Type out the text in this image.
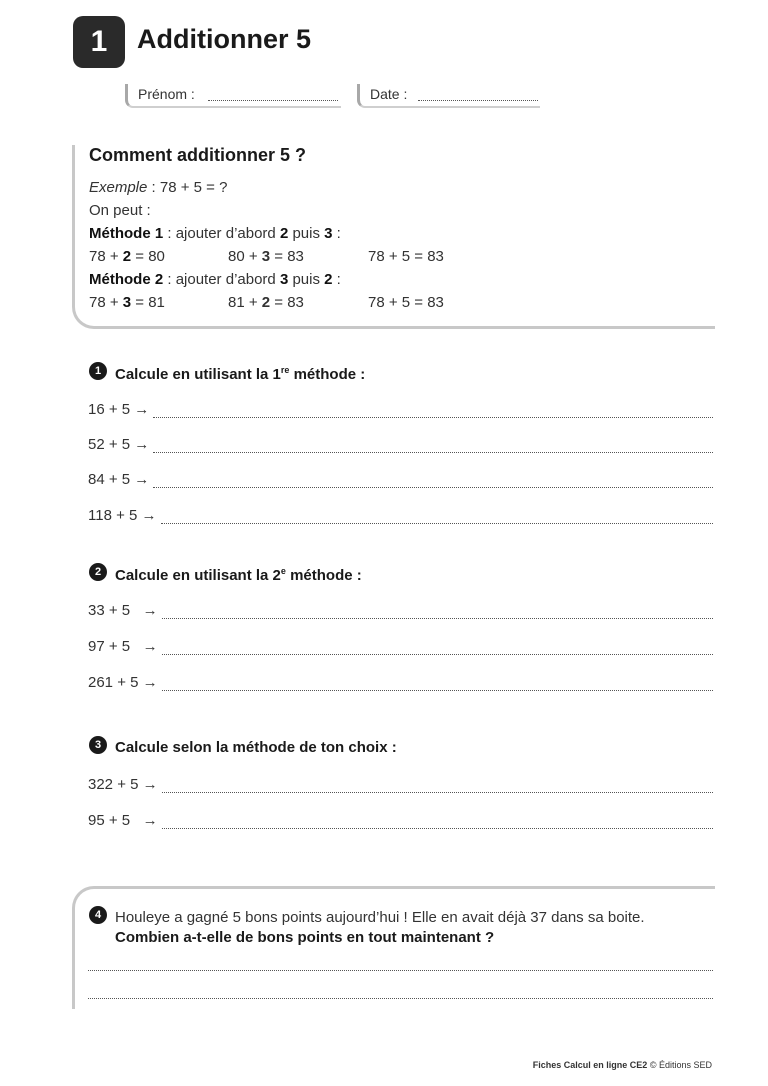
1	Additionner 5
Prénom :	Date :
Comment additionner 5 ?
Exemple : 78 + 5 = ?
On peut :
Méthode 1 : ajouter d’abord 2 puis 3 :
78 + 2 = 80	80 + 3 = 83	78 + 5 = 83
Méthode 2 : ajouter d’abord 3 puis 2 :
78 + 3 = 81	81 + 2 = 83	78 + 5 = 83
1 Calcule en utilisant la 1re méthode :
16 + 5 →
52 + 5 →
84 + 5 →
118 + 5 →
2 Calcule en utilisant la 2e méthode :
33 + 5   →
97 + 5   →
261 + 5 →
3 Calcule selon la méthode de ton choix :
322 + 5 →
95 + 5   →
4 Houleye a gagné 5 bons points aujourd’hui ! Elle en avait déjà 37 dans sa boite.
Combien a-t-elle de bons points en tout maintenant ?
Fiches Calcul en ligne CE2 © Éditions SED
